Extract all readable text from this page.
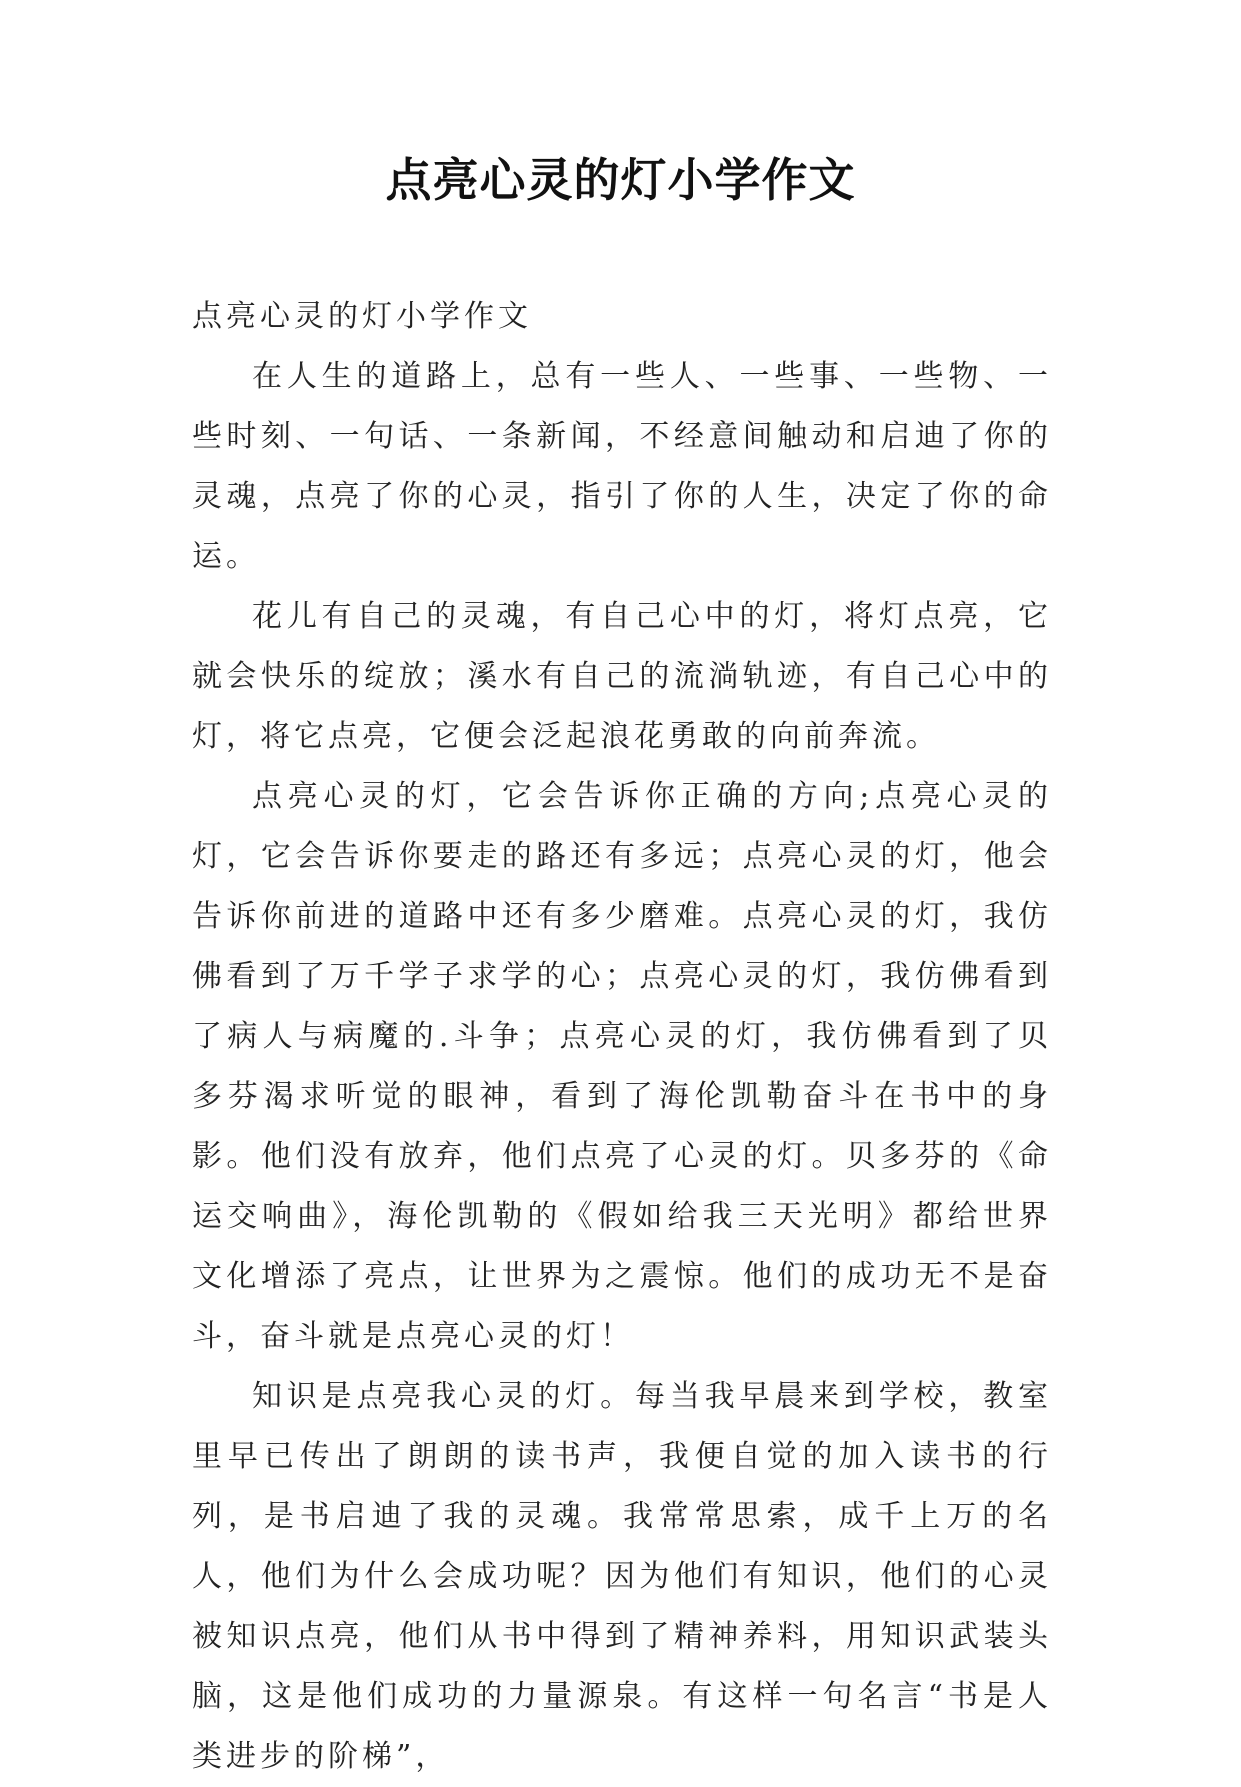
点亮心灵的灯小学作文

点亮心灵的灯小学作文

在人生的道路上，总有一些人、一些事、一些物、一些时刻、一句话、一条新闻，不经意间触动和启迪了你的灵魂，点亮了你的心灵，指引了你的人生，决定了你的命运。

花儿有自己的灵魂，有自己心中的灯，将灯点亮，它就会快乐的绽放；溪水有自己的流淌轨迹，有自己心中的灯，将它点亮，它便会泛起浪花勇敢的向前奔流。

点亮心灵的灯，它会告诉你正确的方向;点亮心灵的灯，它会告诉你要走的路还有多远；点亮心灵的灯，他会告诉你前进的道路中还有多少磨难。点亮心灵的灯，我仿佛看到了万千学子求学的心；点亮心灵的灯，我仿佛看到了病人与病魔的.斗争；点亮心灵的灯，我仿佛看到了贝多芬渴求听觉的眼神，看到了海伦凯勒奋斗在书中的身影。他们没有放弃，他们点亮了心灵的灯。贝多芬的《命运交响曲》，海伦凯勒的《假如给我三天光明》都给世界文化增添了亮点，让世界为之震惊。他们的成功无不是奋斗，奋斗就是点亮心灵的灯！

知识是点亮我心灵的灯。每当我早晨来到学校，教室里早已传出了朗朗的读书声，我便自觉的加入读书的行列，是书启迪了我的灵魂。我常常思索，成千上万的名人，他们为什么会成功呢？因为他们有知识，他们的心灵被知识点亮，他们从书中得到了精神养料，用知识武装头脑，这是他们成功的力量源泉。有这样一句名言“书是人类进步的阶梯”，
